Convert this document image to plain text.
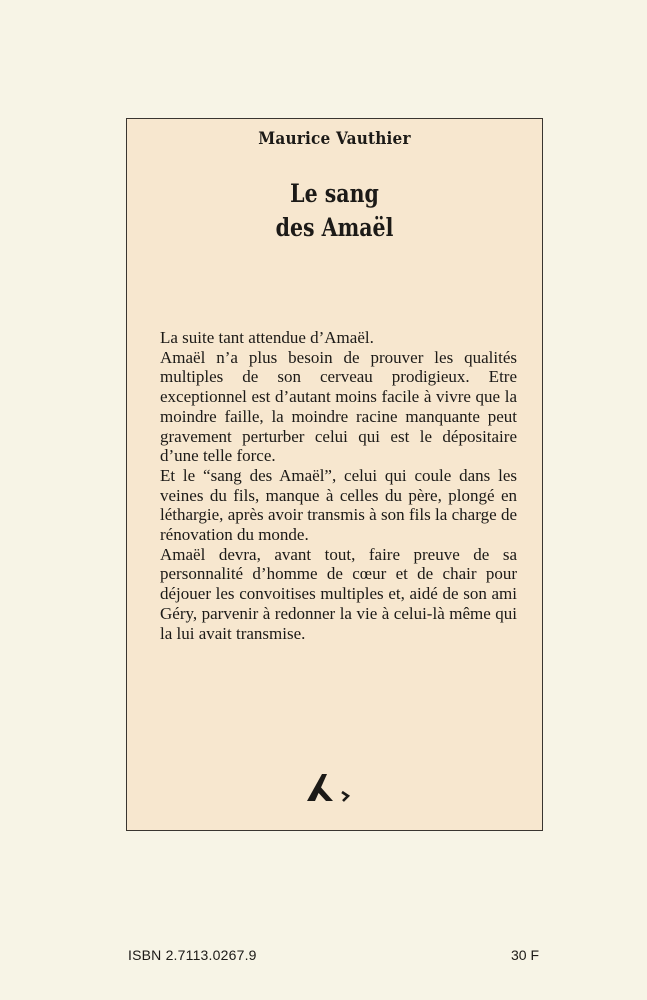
Maurice Vauthier
Le sang
des Amaël

La suite tant attendue d’Amaël.

Amaël n’a plus besoin de prouver les qualités multiples de son cerveau prodigieux. Etre exceptionnel est d’autant moins facile à vivre que la moindre faille, la moindre racine manquante peut gravement perturber celui qui est le dépositaire d’une telle force.

Et le “sang des Amaël”, celui qui coule dans les veines du fils, manque à celles du père, plongé en léthargie, après avoir transmis à son fils la charge de rénovation du monde.

Amaël devra, avant tout, faire preuve de sa personnalité d’homme de cœur et de chair pour déjouer les convoitises multiples et, aidé de son ami Géry, parvenir à redonner la vie à celui-là même qui la lui avait transmise.

ISBN 2.7113.0267.9	30 F
